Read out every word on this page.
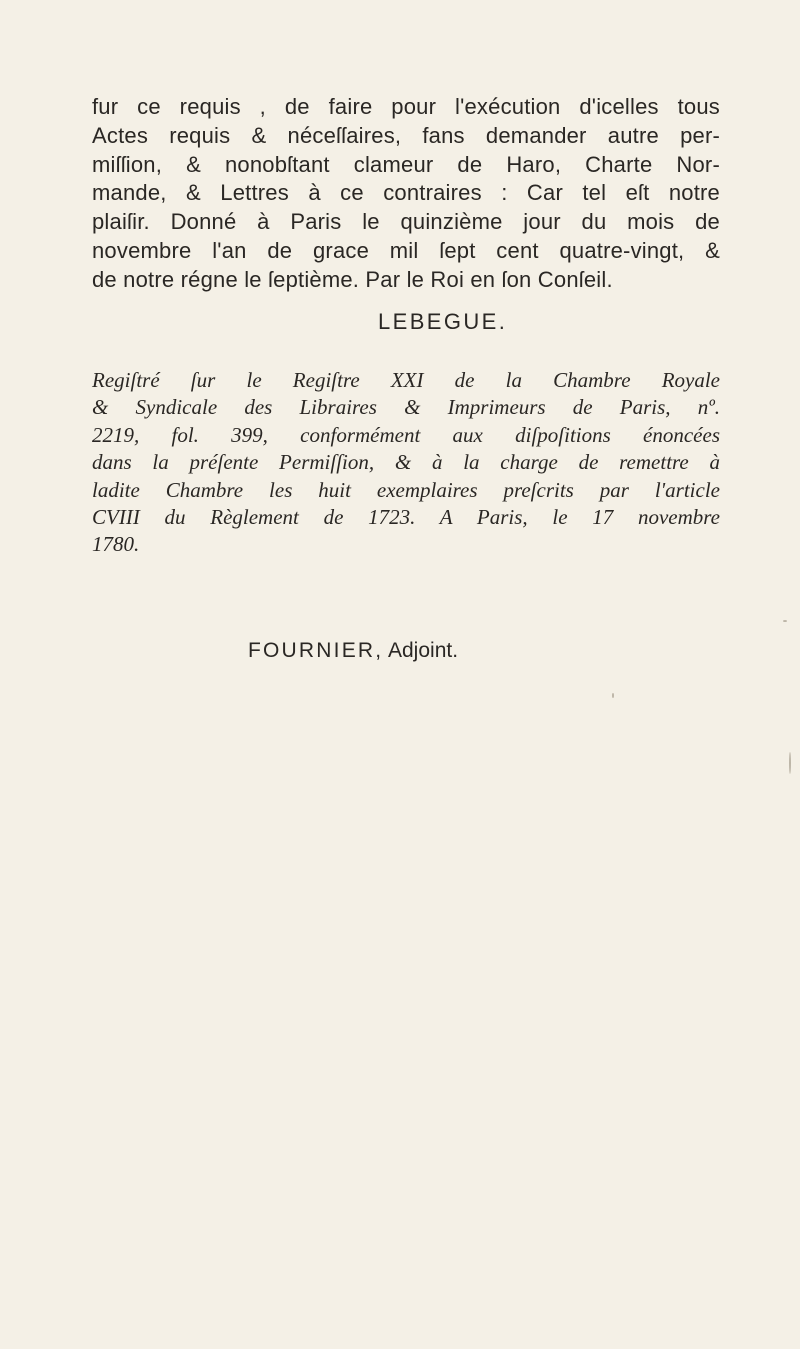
fur ce requis , de faire pour l'exécution d'icelles tous
Actes requis & néceſſaires, fans demander autre per-
miſſion, & nonobſtant clameur de Haro, Charte Nor-
mande, & Lettres à ce contraires : Car tel eſt notre
plaiſir. Donné à Paris le quinzième jour du mois de
novembre l'an de grace mil ſept cent quatre-vingt, &
de notre régne le ſeptième. Par le Roi en ſon Conſeil.
LEBEGUE.
Regiſtré ſur le Regiſtre XXI de la Chambre Royale
& Syndicale des Libraires & Imprimeurs de Paris, nº.
2219, fol. 399, conformément aux diſpoſitions énoncées
dans la préſente Permiſſion, & à la charge de remettre à
ladite Chambre les huit exemplaires preſcrits par l'article
CVIII du Règlement de 1723. A Paris, le 17 novembre
1780.
FOURNIER, Adjoint.
